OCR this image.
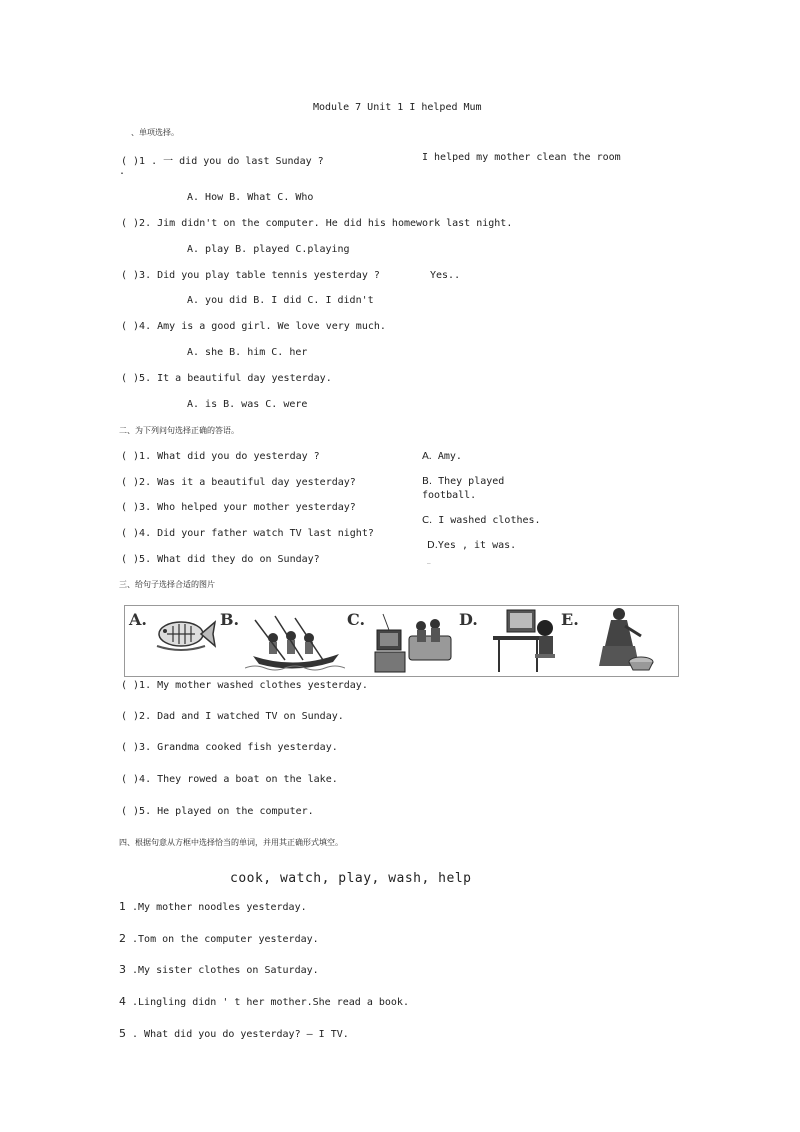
Module 7 Unit 1 I helped Mum
、单项选择。
( )1 . 一 did you do last Sunday ?	I helped my mother clean the room
.
A. How B. What C. Who
( )2. Jim didn't on the computer. He did his homework last night.
A. play B. played C.playing
( )3. Did you play table tennis yesterday ?	Yes..
A. you did B. I did C. I didn't
( )4. Amy is a good girl. We love very much.
A. she B. him C. her
( )5. It a beautiful day yesterday.
A. is B. was C. were
二、为下列问句选择正确的答语。
( )1. What did you do yesterday ?
( )2. Was it a beautiful day yesterday?
( )3. Who helped your mother yesterday?
( )4. Did your father watch TV last night?
( )5. What did they do on Sunday?
A. Amy.
B. They played
football.
C. I washed clothes.
D.Yes , it was.
—
三、给句子选择合适的图片
A.	B.	C.	D.	E.
( )1. My mother washed clothes yesterday.
( )2. Dad and I watched TV on Sunday.
( )3. Grandma cooked fish yesterday.
( )4. They rowed a boat on the lake.
( )5. He played on the computer.
四、根据句意从方框中选择恰当的单词，并用其正确形式填空。
cook, watch, play, wash, help
1 .My mother noodles yesterday.
2 .Tom on the computer yesterday.
3 .My sister clothes on Saturday.
4 .Lingling didn ' t her mother.She read a book.
5 . What did you do yesterday? — I TV.
